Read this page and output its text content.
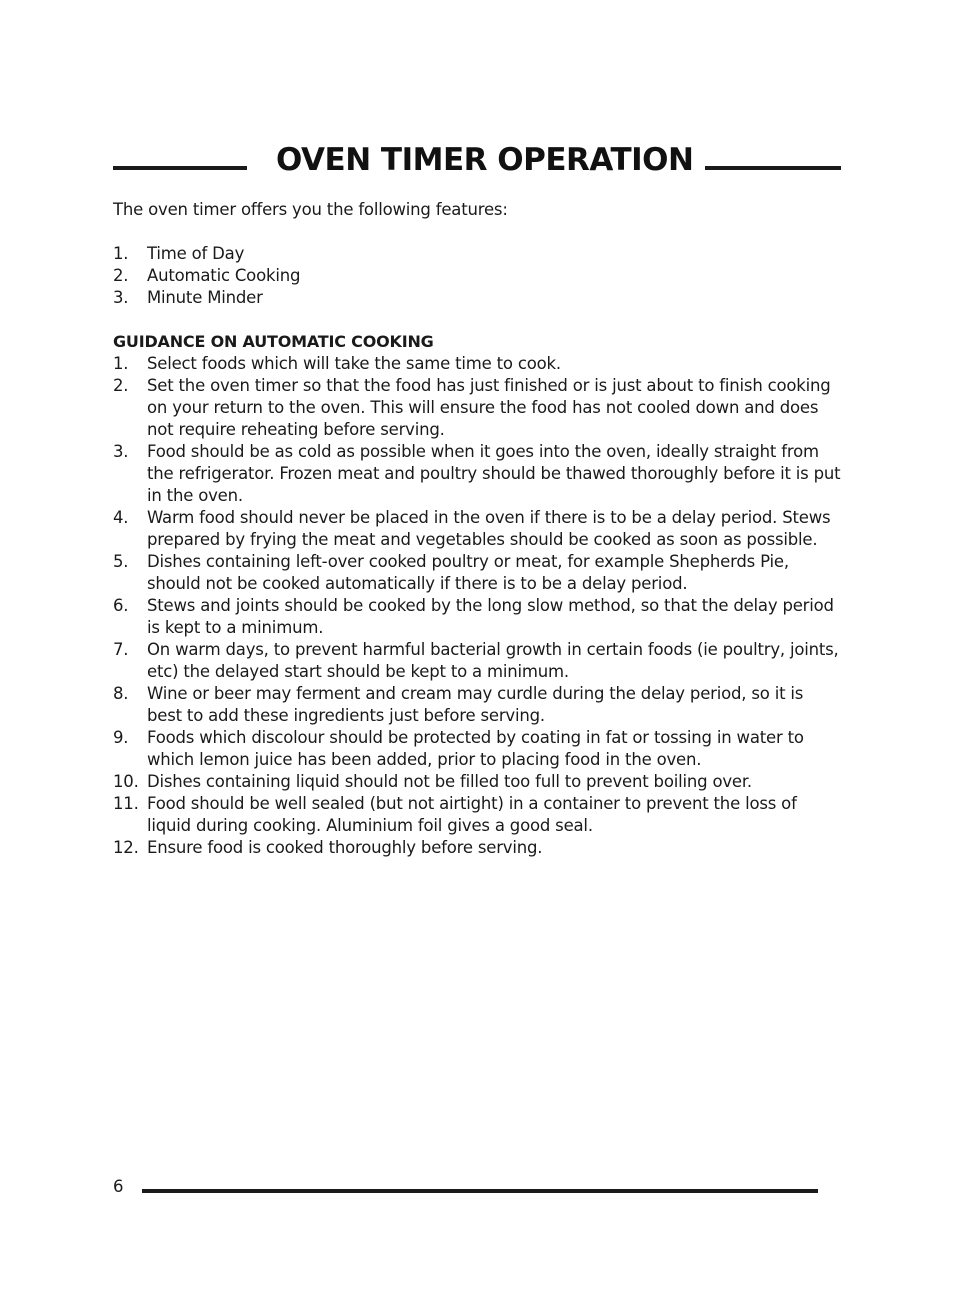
OVEN TIMER OPERATION

The oven timer offers you the following features:

1. Time of Day
2. Automatic Cooking
3. Minute Minder
GUIDANCE ON AUTOMATIC COOKING
1. Select foods which will take the same time to cook.
2. Set the oven timer so that the food has just finished or is just about to finish cooking on your return to the oven. This will ensure the food has not cooled down and does not require reheating before serving.
3. Food should be as cold as possible when it goes into the oven, ideally straight from the refrigerator. Frozen meat and poultry should be thawed thoroughly before it is put in the oven.
4. Warm food should never be placed in the oven if there is to be a delay period. Stews prepared by frying the meat and vegetables should be cooked as soon as possible.
5. Dishes containing left-over cooked poultry or meat, for example Shepherds Pie, should not be cooked automatically if there is to be a delay period.
6. Stews and joints should be cooked by the long slow method, so that the delay period is kept to a minimum.
7. On warm days, to prevent harmful bacterial growth in certain foods (ie poultry, joints, etc) the delayed start should be kept to a minimum.
8. Wine or beer may ferment and cream may curdle during the delay period, so it is best to add these ingredients just before serving.
9. Foods which discolour should be protected by coating in fat or tossing in water to which lemon juice has been added, prior to placing food in the oven.
10. Dishes containing liquid should not be filled too full to prevent boiling over.
11. Food should be well sealed (but not airtight) in a container to prevent the loss of liquid during cooking. Aluminium foil gives a good seal.
12. Ensure food is cooked thoroughly before serving.
6
